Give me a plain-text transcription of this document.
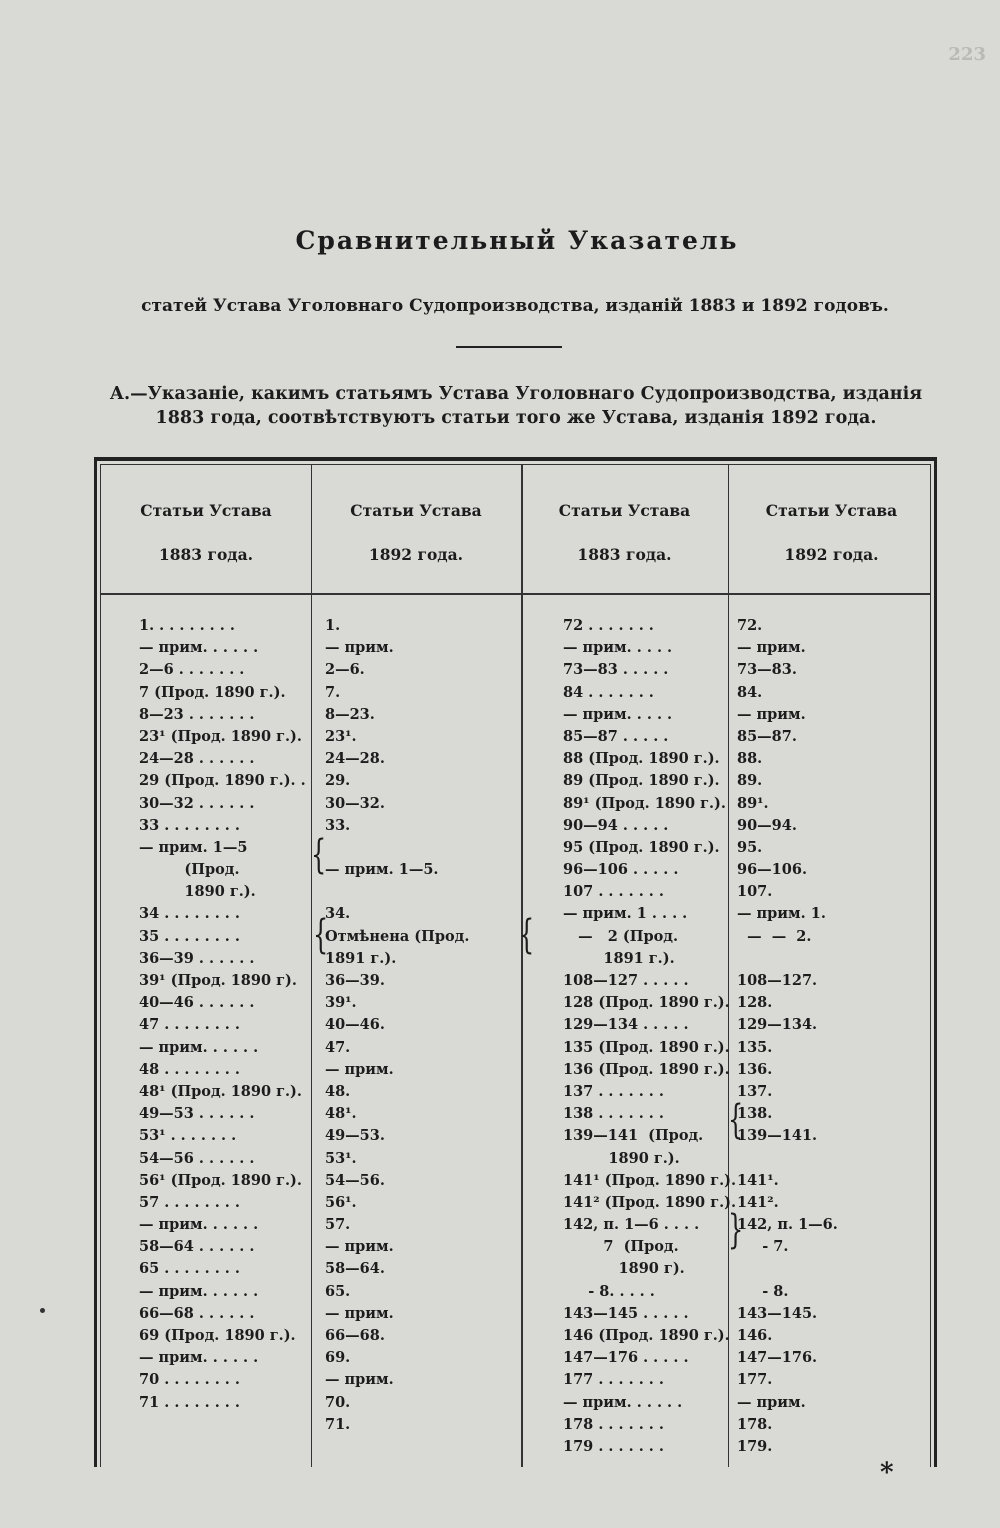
223
Сравнительный Указатель
статей Устава Уголовнаго Судопроизводства, изданій 1883 и 1892 годовъ.
А.—Указаніе, какимъ статьямъ Устава Уголовнаго Судопроизводства, изданія
1883 года, соотвѣтствуютъ статьи того же Устава, изданія 1892 года.
Статьи Устава
1883 года.
Статьи Устава
1892 года.
Статьи Устава
1883 года.
Статьи Устава
1892 года.
1. . . . . . . . .
— прим. . . . . .
2—6 . . . . . . .
7 (Прод. 1890 г.).
8—23 . . . . . . .
23¹ (Прод. 1890 г.).
24—28 . . . . . .
29 (Прод. 1890 г.). .
30—32 . . . . . .
33 . . . . . . . .
— прим. 1—5
(Прод.
1890 г.).
34 . . . . . . . .
35 . . . . . . . .
36—39 . . . . . .
39¹ (Прод. 1890 г).
40—46 . . . . . .
47 . . . . . . . .
— прим. . . . . .
48 . . . . . . . .
48¹ (Прод. 1890 г.).
49—53 . . . . . .
53¹ . . . . . . .
54—56 . . . . . .
56¹ (Прод. 1890 г.).
57 . . . . . . . .
— прим. . . . . .
58—64 . . . . . .
65 . . . . . . . .
— прим. . . . . .
66—68 . . . . . .
69 (Прод. 1890 г.).
— прим. . . . . .
70 . . . . . . . .
71 . . . . . . . .
1.
— прим.
2—6.
7.
8—23.
23¹.
24—28.
29.
30—32.
33.
— прим. 1—5.
34.
Отмѣнена (Прод.
1891 г.).
36—39.
39¹.
40—46.
47.
— прим.
48.
48¹.
49—53.
53¹.
54—56.
56¹.
57.
— прим.
58—64.
65.
— прим.
66—68.
69.
— прим.
70.
71.
72 . . . . . . .
— прим. . . . .
73—83 . . . . .
84 . . . . . . .
— прим. . . . .
85—87 . . . . .
88 (Прод. 1890 г.).
89 (Прод. 1890 г.).
89¹ (Прод. 1890 г.).
90—94 . . . . .
95 (Прод. 1890 г.).
96—106 . . . . .
107 . . . . . . .
— прим. 1 . . . .
—   2 (Прод.
1891 г.).
108—127 . . . . .
128 (Прод. 1890 г.).
129—134 . . . . .
135 (Прод. 1890 г.).
136 (Прод. 1890 г.).
137 . . . . . . .
138 . . . . . . .
139—141  (Прод.
1890 г.).
141¹ (Прод. 1890 г.).
141² (Прод. 1890 г.).
142, п. 1—6 . . . .
7  (Прод.
1890 г).
- 8. . . . .
143—145 . . . . .
146 (Прод. 1890 г.).
147—176 . . . . .
177 . . . . . . .
— прим. . . . . .
178 . . . . . . .
179 . . . . . . .
72.
— прим.
73—83.
84.
— прим.
85—87.
88.
89.
89¹.
90—94.
95.
96—106.
107.
— прим. 1.
—  —  2.
108—127.
128.
129—134.
135.
136.
137.
138.
139—141.
141¹.
141².
142, п. 1—6.
- 7.
- 8.
143—145.
146.
147—176.
177.
— прим.
178.
179.
{
{	{
{
}
*
